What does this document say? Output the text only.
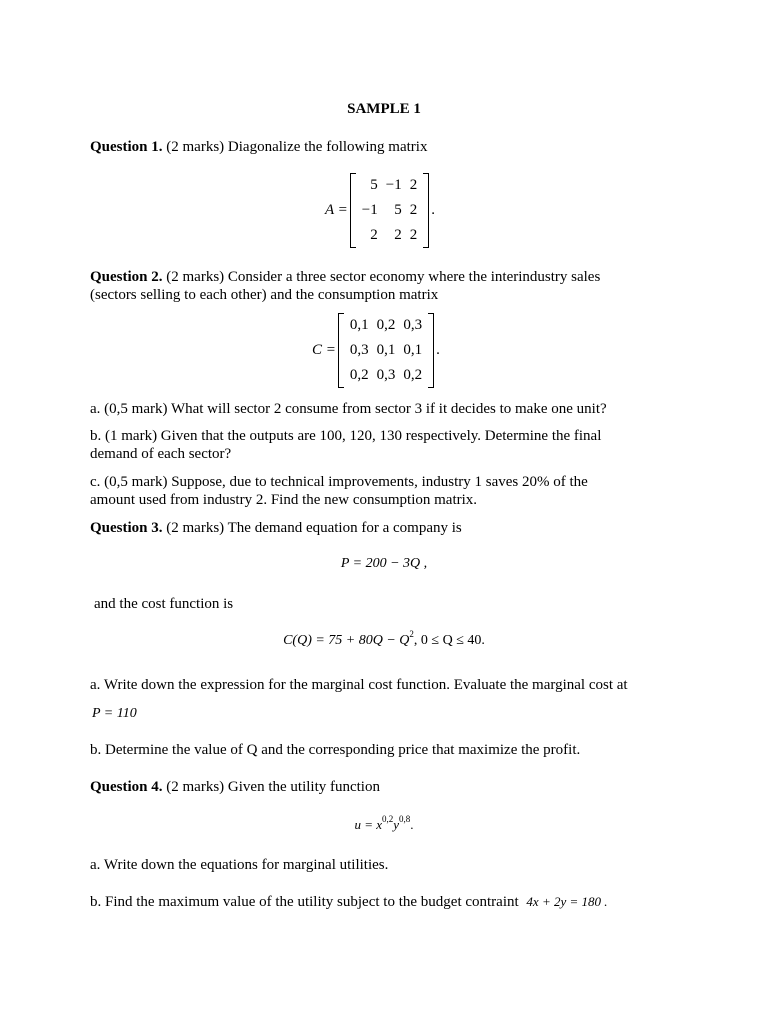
SAMPLE 1
Question 1. (2 marks) Diagonalize the following matrix
A =
5	−1	2
−1	5	2
2	2	2
.
Question 2. (2 marks) Consider a three sector economy where the interindustry sales
(sectors selling to each other) and the consumption matrix
C =
0,1	0,2	0,3
0,3	0,1	0,1
0,2	0,3	0,2
.
a. (0,5 mark) What will sector 2 consume from sector 3 if it decides to make one unit?
b. (1 mark) Given that the outputs are 100, 120, 130 respectively. Determine the final
demand of each sector?
c. (0,5 mark) Suppose, due to technical improvements, industry 1 saves 20% of the
amount used from industry 2. Find the new consumption matrix.
Question 3. (2 marks) The demand equation for a company is
P = 200 − 3Q ,
and the cost function is
$C(Q) = 75 + 80Q - Q^2$, 0 ≤ Q ≤ 40.
a. Write down the expression for the marginal cost function. Evaluate the marginal cost at
P = 110
b. Determine the value of Q and the corresponding price that maximize the profit.
Question 4. (2 marks) Given the utility function
$u = x^{0,2}y^{0,8}$.
a. Write down the equations for marginal utilities.
b. Find the maximum value of the utility subject to the budget contraint 4x + 2y = 180 .
